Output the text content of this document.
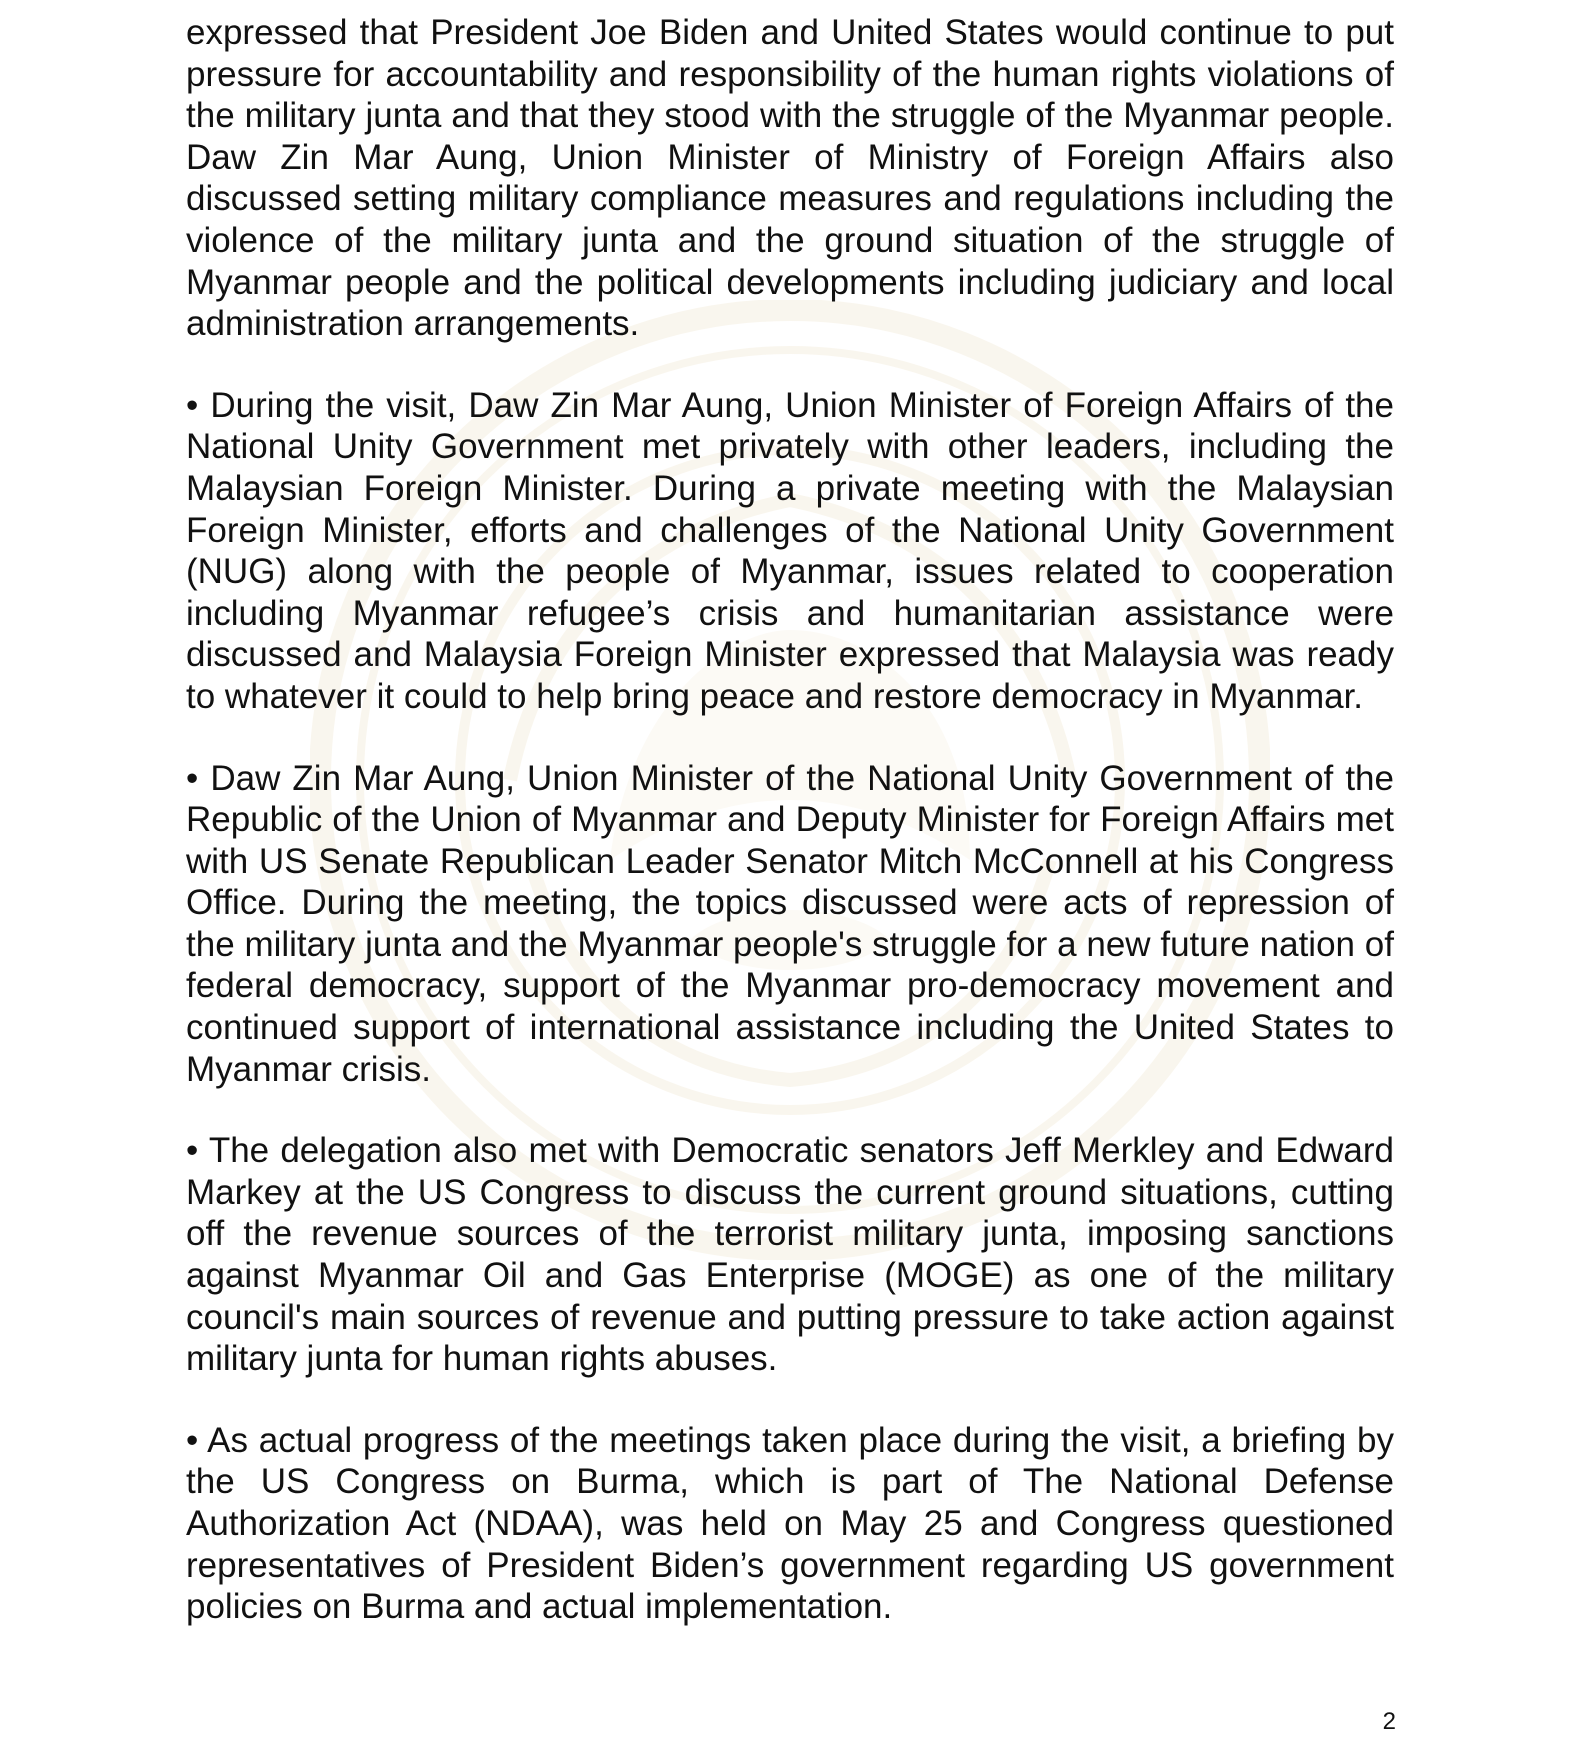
expressed that President Joe Biden and United States would continue to put pressure for accountability and responsibility of the human rights violations of the military junta and that they stood with the struggle of the Myanmar people. Daw Zin Mar Aung, Union Minister of Ministry of Foreign Affairs also discussed setting military compliance measures and regulations including the violence of the military junta and the ground situation of the struggle of Myanmar people and the political developments including judiciary and local administration arrangements.

• During the visit, Daw Zin Mar Aung, Union Minister of Foreign Affairs of the National Unity Government met privately with other leaders, including the Malaysian Foreign Minister. During a private meeting with the Malaysian Foreign Minister, efforts and challenges of the National Unity Government (NUG) along with the people of Myanmar, issues related to cooperation including Myanmar refugee’s crisis and humanitarian assistance were discussed and Malaysia Foreign Minister expressed that Malaysia was ready to whatever it could to help bring peace and restore democracy in Myanmar.

• Daw Zin Mar Aung, Union Minister of the National Unity Government of the Republic of the Union of Myanmar and Deputy Minister for Foreign Affairs met with US Senate Republican Leader Senator Mitch McConnell at his Congress Office. During the meeting, the topics discussed were acts of repression of the military junta and the Myanmar people's struggle for a new future nation of federal democracy, support of the Myanmar pro-democracy movement and continued support of international assistance including the United States to Myanmar crisis.

• The delegation also met with Democratic senators Jeff Merkley and Edward Markey at the US Congress to discuss the current ground situations, cutting off the revenue sources of the terrorist military junta, imposing sanctions against Myanmar Oil and Gas Enterprise (MOGE) as one of the military council's main sources of revenue and putting pressure to take action against military junta for human rights abuses.

• As actual progress of the meetings taken place during the visit, a briefing by the US Congress on Burma, which is part of The National Defense Authorization Act (NDAA), was held on May 25 and Congress questioned representatives of President Biden’s government regarding US government policies on Burma and actual implementation.

2
